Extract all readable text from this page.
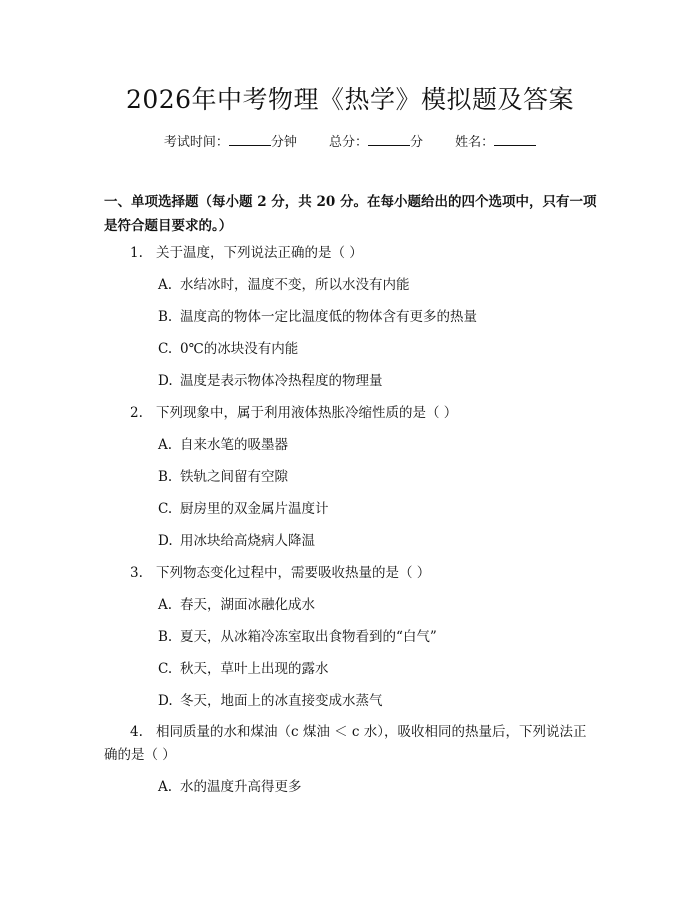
2026年中考物理《热学》模拟题及答案
考试时间：	分钟 总分：	分 姓名：
一、单项选择题（每小题 2 分，共 20 分。在每小题给出的四个选项中，只有一项是符合题目要求的。）
1. 关于温度，下列说法正确的是（ ）
A. 水结冰时，温度不变，所以水没有内能
B. 温度高的物体一定比温度低的物体含有更多的热量
C. 0℃的冰块没有内能
D. 温度是表示物体冷热程度的物理量
2. 下列现象中，属于利用液体热胀冷缩性质的是（ ）
A. 自来水笔的吸墨器
B. 铁轨之间留有空隙
C. 厨房里的双金属片温度计
D. 用冰块给高烧病人降温
3. 下列物态变化过程中，需要吸收热量的是（ ）
A. 春天，湖面冰融化成水
B. 夏天，从冰箱冷冻室取出食物看到的“白气”
C. 秋天，草叶上出现的露水
D. 冬天，地面上的冰直接变成水蒸气
4. 相同质量的水和煤油（c 煤油 ＜ c 水），吸收相同的热量后，下列说法正
确的是（ ）
A. 水的温度升高得更多
